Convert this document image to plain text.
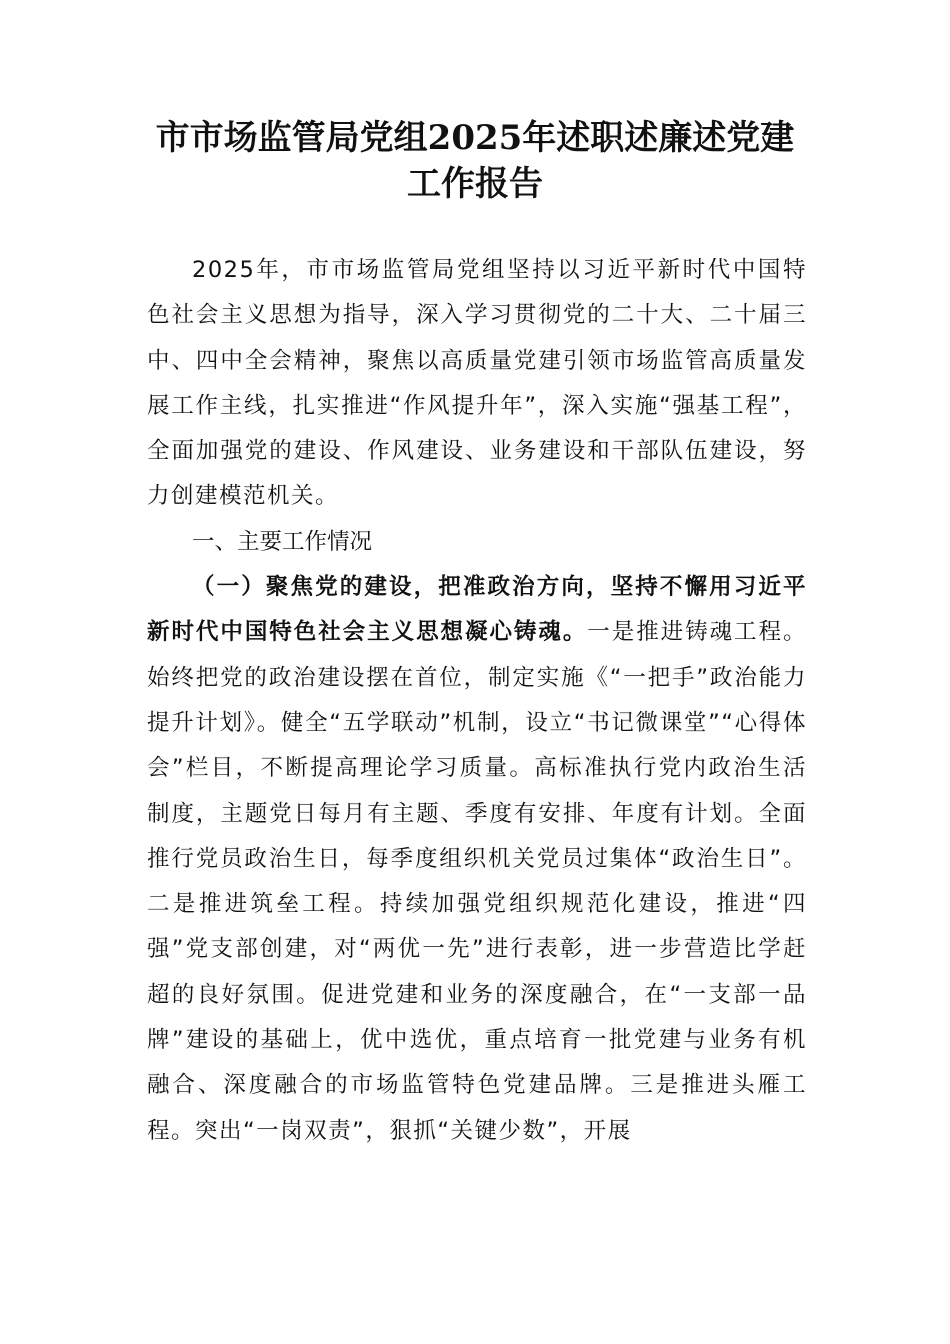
市市场监管局党组2025年述职述廉述党建
工作报告

2025年，市市场监管局党组坚持以习近平新时代中国特色社会主义思想为指导，深入学习贯彻党的二十大、二十届三中、四中全会精神，聚焦以高质量党建引领市场监管高质量发展工作主线，扎实推进“作风提升年”，深入实施“强基工程”，全面加强党的建设、作风建设、业务建设和干部队伍建设，努力创建模范机关。

一、主要工作情况

（一）聚焦党的建设，把准政治方向，坚持不懈用习近平新时代中国特色社会主义思想凝心铸魂。一是推进铸魂工程。始终把党的政治建设摆在首位，制定实施《“一把手”政治能力提升计划》。健全“五学联动”机制，设立“书记微课堂”“心得体会”栏目，不断提高理论学习质量。高标准执行党内政治生活制度，主题党日每月有主题、季度有安排、年度有计划。全面推行党员政治生日，每季度组织机关党员过集体“政治生日”。二是推进筑垒工程。持续加强党组织规范化建设，推进“四强”党支部创建，对“两优一先”进行表彰，进一步营造比学赶超的良好氛围。促进党建和业务的深度融合，在“一支部一品牌”建设的基础上，优中选优，重点培育一批党建与业务有机融合、深度融合的市场监管特色党建品牌。三是推进头雁工程。突出“一岗双责”，狠抓“关键少数”，开展
